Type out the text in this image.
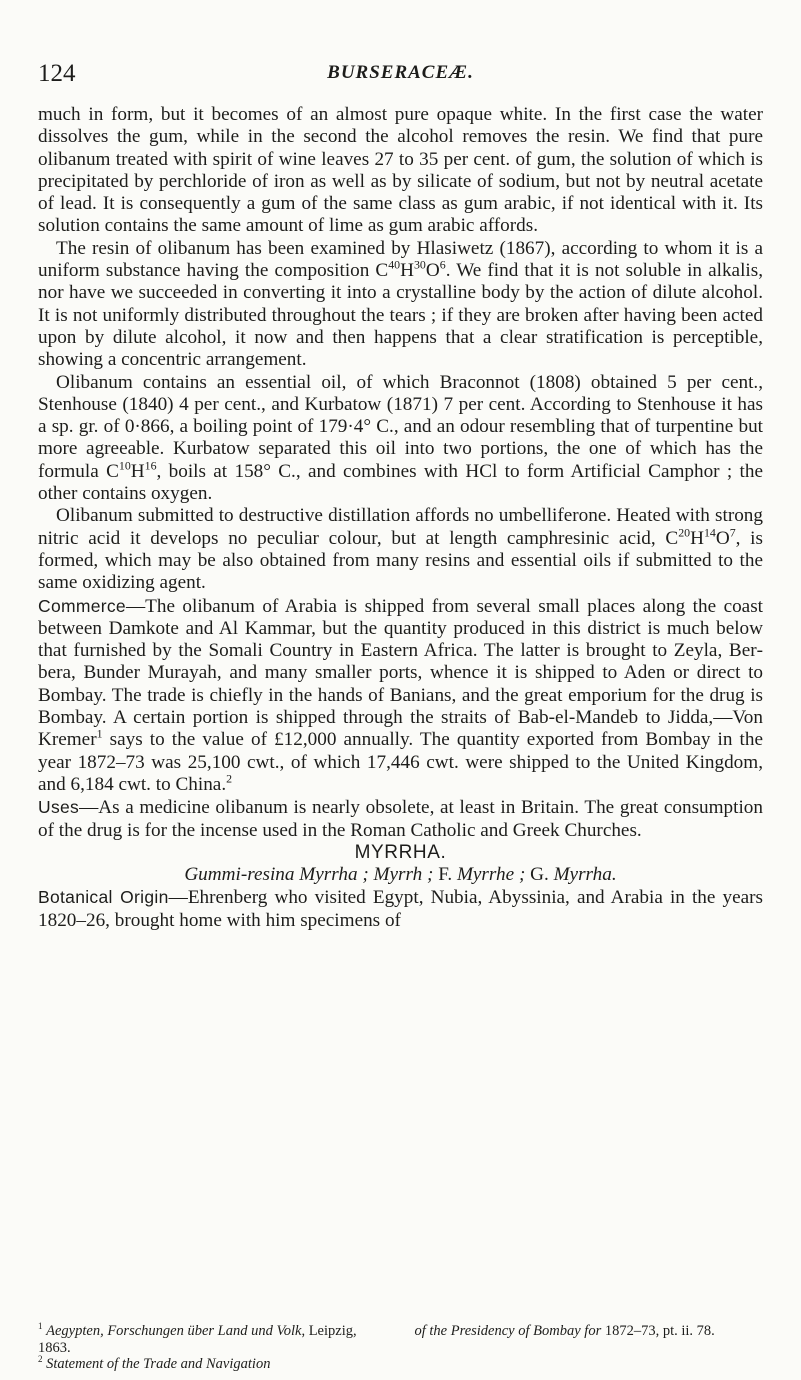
124	BURSERACEÆ.

much in form, but it becomes of an almost pure opaque white. In the first case the water dissolves the gum, while in the second the alcohol removes the resin. We find that pure olibanum treated with spirit of wine leaves 27 to 35 per cent. of gum, the solution of which is precipitated by perchloride of iron as well as by silicate of sodium, but not by neutral acetate of lead. It is consequently a gum of the same class as gum arabic, if not identical with it. Its solution contains the same amount of lime as gum arabic affords.

The resin of olibanum has been examined by Hlasiwetz (1867), according to whom it is a uniform substance having the composition $C^{40}H^{30}O^6$. We find that it is not soluble in alkalis, nor have we succeeded in converting it into a crystalline body by the action of dilute alcohol. It is not uniformly distributed throughout the tears ; if they are broken after having been acted upon by dilute alcohol, it now and then happens that a clear stratification is perceptible, showing a concentric arrangement.

Olibanum contains an essential oil, of which Braconnot (1808) obtained 5 per cent., Stenhouse (1840) 4 per cent., and Kurbatow (1871) 7 per cent. According to Stenhouse it has a sp. gr. of 0·866, a boiling point of 179·4° C., and an odour resembling that of turpentine but more agreeable. Kurbatow separated this oil into two portions, the one of which has the formula $C^{10}H^{16}$, boils at 158° C., and combines with HCl to form Artificial Camphor ; the other contains oxygen.

Olibanum submitted to destructive distillation affords no umbelliferone. Heated with strong nitric acid it develops no peculiar colour, but at length camphresinic acid, $C^{20}H^{14}O^7$, is formed, which may be also obtained from many resins and essential oils if submitted to the same oxidizing agent.

Commerce—The olibanum of Arabia is shipped from several small places along the coast between Damkote and Al Kammar, but the quantity produced in this district is much below that furnished by the Somali Country in Eastern Africa. The latter is brought to Zeyla, Berbera, Bunder Murayah, and many smaller ports, whence it is shipped to Aden or direct to Bombay. The trade is chiefly in the hands of Banians, and the great emporium for the drug is Bombay. A certain portion is shipped through the straits of Bab-el-Mandeb to Jidda,—Von Kremer$^1$ says to the value of £12,000 annually. The quantity exported from Bombay in the year 1872–73 was 25,100 cwt., of which 17,446 cwt. were shipped to the United Kingdom, and 6,184 cwt. to China.$^2$

Uses—As a medicine olibanum is nearly obsolete, at least in Britain. The great consumption of the drug is for the incense used in the Roman Catholic and Greek Churches.

MYRRHA.

Gummi-resina Myrrha ; Myrrh ; F. Myrrhe ; G. Myrrha.

Botanical Origin—Ehrenberg who visited Egypt, Nubia, Abyssinia, and Arabia in the years 1820–26, brought home with him specimens of

$^1$ Aegypten, Forschungen über Land und Volk, Leipzig, 1863.
of the Presidency of Bombay for 1872–73, pt. ii. 78.
$^2$ Statement of the Trade and Navigation
